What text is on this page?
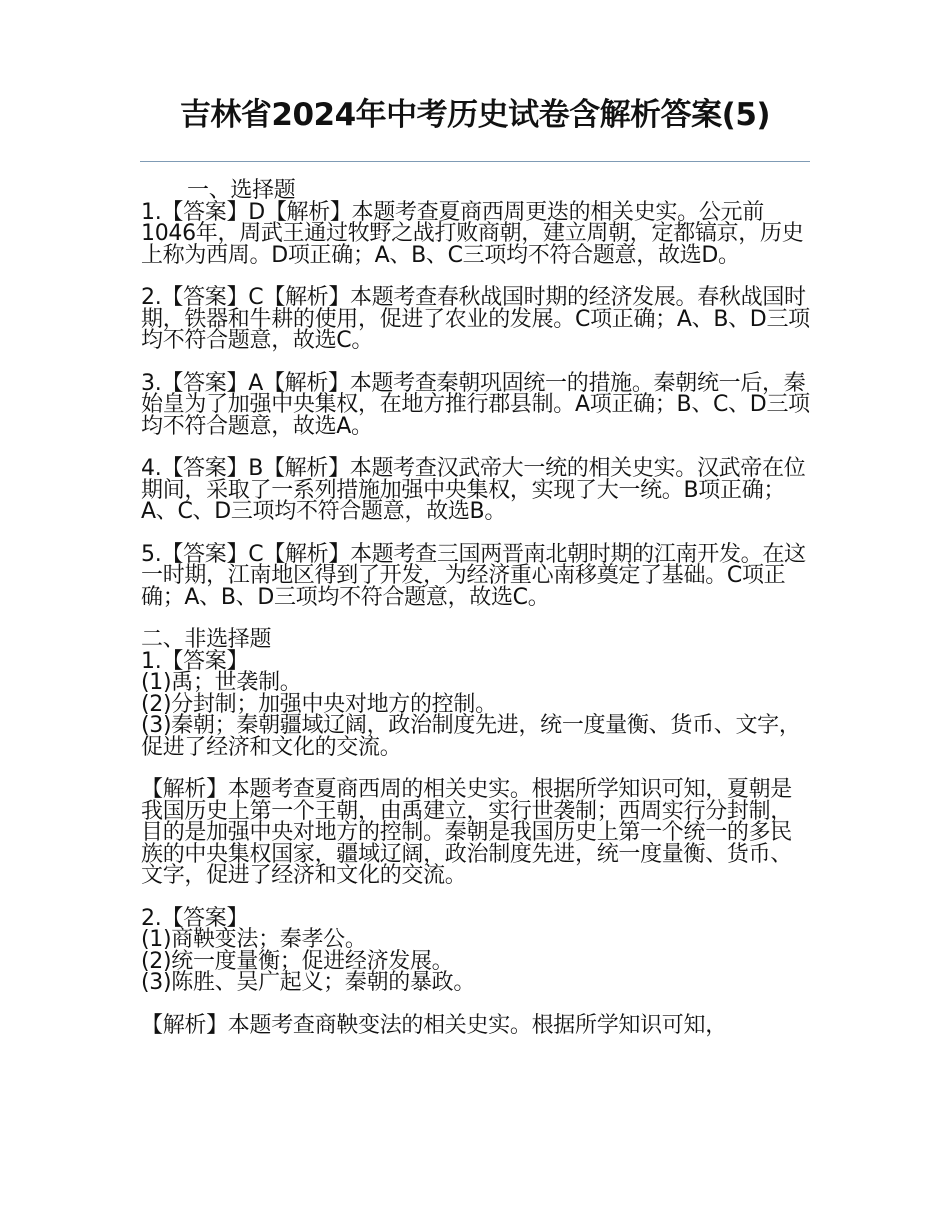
吉林省2024年中考历史试卷含解析答案(5)

一、选择题

1.【答案】D【解析】本题考查夏商西周更迭的相关史实。公元前1046年，周武王通过牧野之战打败商朝，建立周朝，定都镐京，历史上称为西周。D项正确；A、B、C三项均不符合题意，故选D。

2.【答案】C【解析】本题考查春秋战国时期的经济发展。春秋战国时期，铁器和牛耕的使用，促进了农业的发展。C项正确；A、B、D三项均不符合题意，故选C。

3.【答案】A【解析】本题考查秦朝巩固统一的措施。秦朝统一后，秦始皇为了加强中央集权，在地方推行郡县制。A项正确；B、C、D三项均不符合题意，故选A。

4.【答案】B【解析】本题考查汉武帝大一统的相关史实。汉武帝在位期间，采取了一系列措施加强中央集权，实现了大一统。B项正确；A、C、D三项均不符合题意，故选B。

5.【答案】C【解析】本题考查三国两晋南北朝时期的江南开发。在这一时期，江南地区得到了开发，为经济重心南移奠定了基础。C项正确；A、B、D三项均不符合题意，故选C。

二、非选择题

1.【答案】

(1)禹；世袭制。

(2)分封制；加强中央对地方的控制。

(3)秦朝；秦朝疆域辽阔，政治制度先进，统一度量衡、货币、文字，促进了经济和文化的交流。

【解析】本题考查夏商西周的相关史实。根据所学知识可知，夏朝是我国历史上第一个王朝，由禹建立，实行世袭制；西周实行分封制，目的是加强中央对地方的控制。秦朝是我国历史上第一个统一的多民族的中央集权国家，疆域辽阔，政治制度先进，统一度量衡、货币、文字，促进了经济和文化的交流。

2.【答案】

(1)商鞅变法；秦孝公。

(2)统一度量衡；促进经济发展。

(3)陈胜、吴广起义；秦朝的暴政。

【解析】本题考查商鞅变法的相关史实。根据所学知识可知，
